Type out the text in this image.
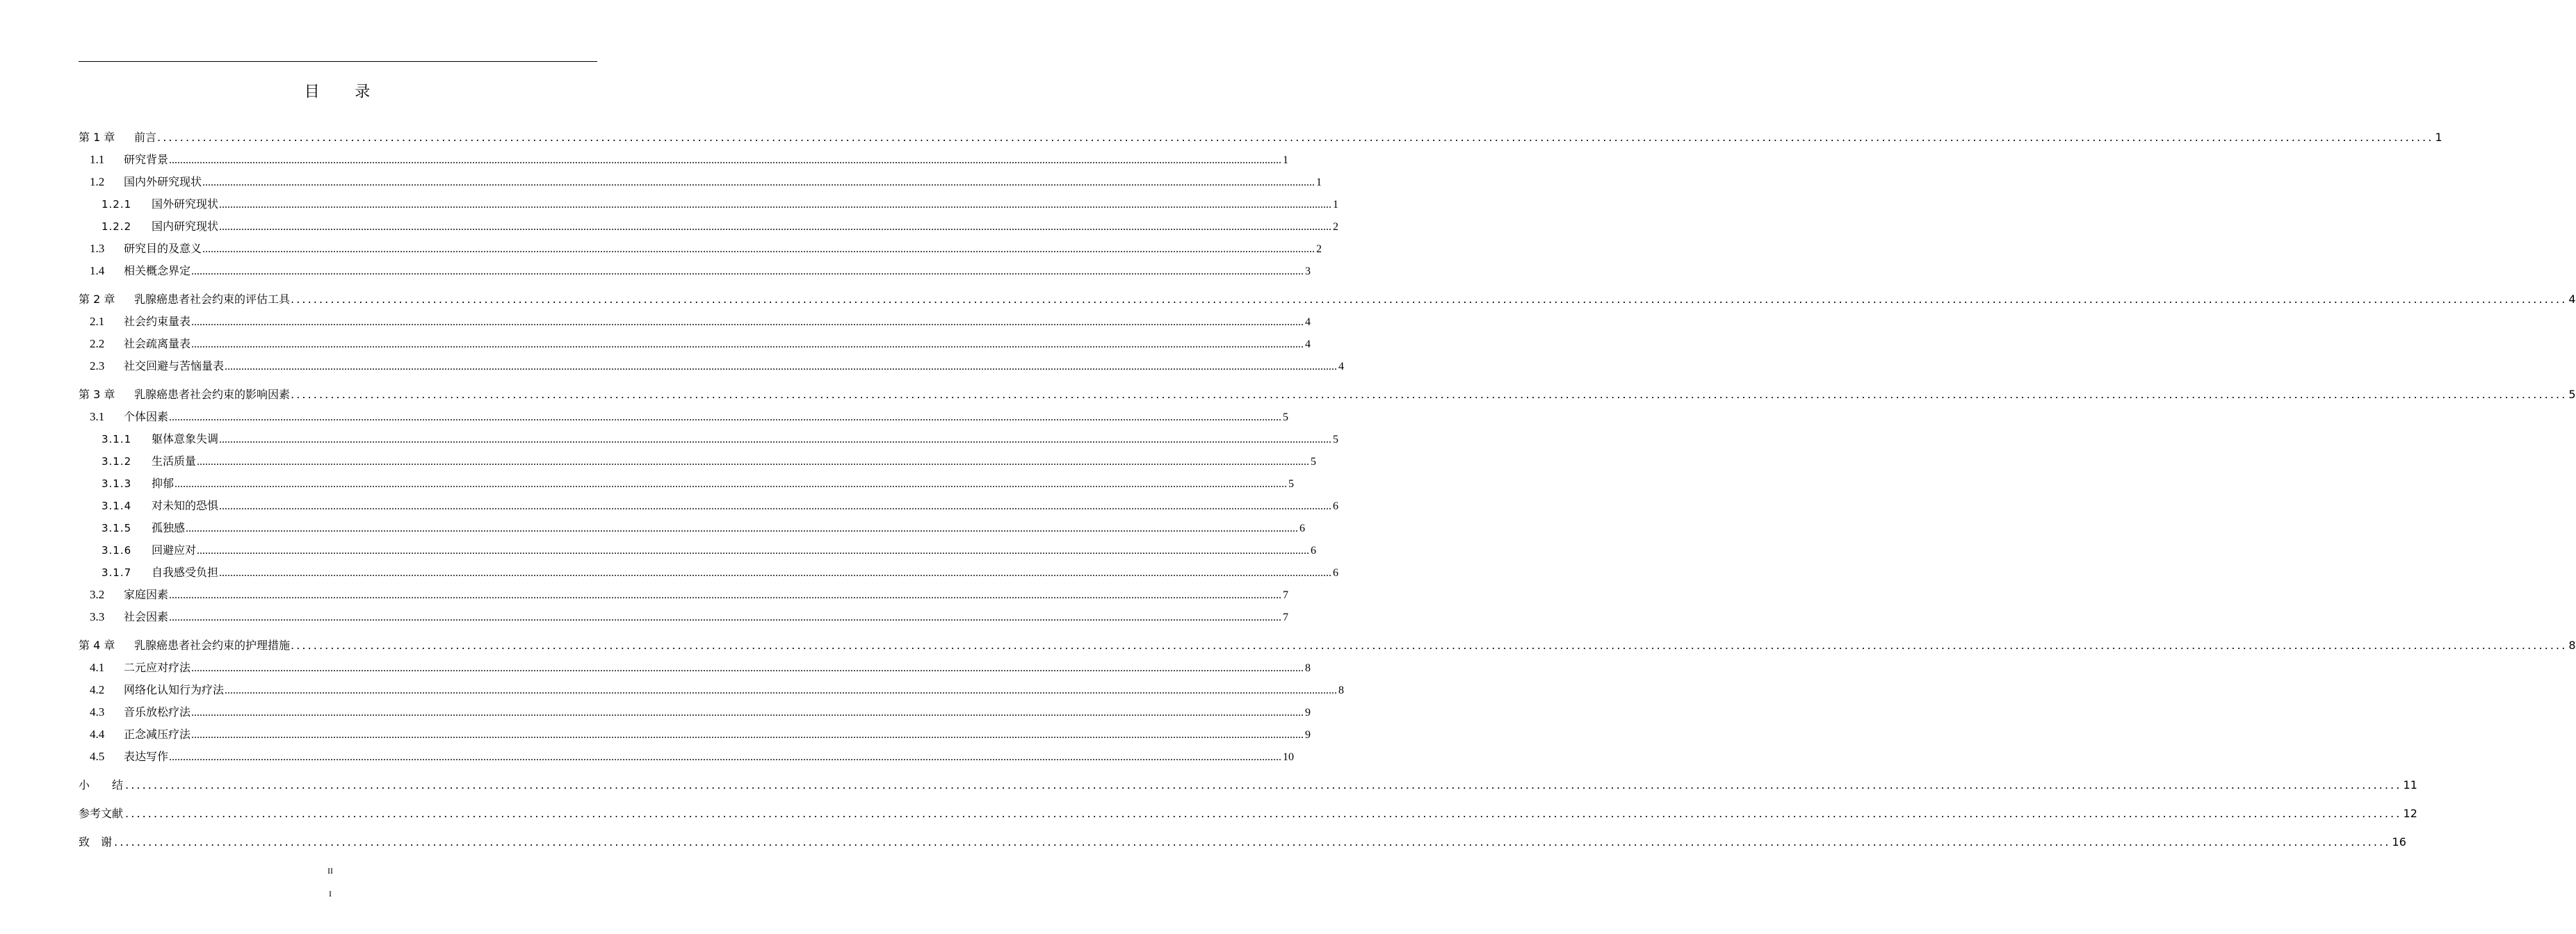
目　　录
第 1 章	前言 ................................................................................................................................................................................................................................................................................................................................................................................................................ 1
1.1	研究背景 ................................................................................................................................................................................................................................................................................................................................................................................................................ 1
1.2	国内外研究现状 ................................................................................................................................................................................................................................................................................................................................................................................................................ 1
1.2.1	国外研究现状 ................................................................................................................................................................................................................................................................................................................................................................................................................ 1
1.2.2	国内研究现状 ................................................................................................................................................................................................................................................................................................................................................................................................................ 2
1.3	研究目的及意义 ................................................................................................................................................................................................................................................................................................................................................................................................................ 2
1.4	相关概念界定 ................................................................................................................................................................................................................................................................................................................................................................................................................ 3
第 2 章	乳腺癌患者社会约束的评估工具 ................................................................................................................................................................................................................................................................................................................................................................................................................ 4
2.1	社会约束量表 ................................................................................................................................................................................................................................................................................................................................................................................................................ 4
2.2	社会疏离量表 ................................................................................................................................................................................................................................................................................................................................................................................................................ 4
2.3	社交回避与苦恼量表 ................................................................................................................................................................................................................................................................................................................................................................................................................ 4
第 3 章	乳腺癌患者社会约束的影响因素 ................................................................................................................................................................................................................................................................................................................................................................................................................ 5
3.1	个体因素 ................................................................................................................................................................................................................................................................................................................................................................................................................ 5
3.1.1	躯体意象失调 ................................................................................................................................................................................................................................................................................................................................................................................................................ 5
3.1.2	生活质量 ................................................................................................................................................................................................................................................................................................................................................................................................................ 5
3.1.3	抑郁 ................................................................................................................................................................................................................................................................................................................................................................................................................ 5
3.1.4	对未知的恐惧 ................................................................................................................................................................................................................................................................................................................................................................................................................ 6
3.1.5	孤独感 ................................................................................................................................................................................................................................................................................................................................................................................................................ 6
3.1.6	回避应对 ................................................................................................................................................................................................................................................................................................................................................................................................................ 6
3.1.7	自我感受负担 ................................................................................................................................................................................................................................................................................................................................................................................................................ 6
3.2	家庭因素 ................................................................................................................................................................................................................................................................................................................................................................................................................ 7
3.3	社会因素 ................................................................................................................................................................................................................................................................................................................................................................................................................ 7
第 4 章	乳腺癌患者社会约束的护理措施 ................................................................................................................................................................................................................................................................................................................................................................................................................ 8
4.1	二元应对疗法 ................................................................................................................................................................................................................................................................................................................................................................................................................ 8
4.2	网络化认知行为疗法 ................................................................................................................................................................................................................................................................................................................................................................................................................ 8
4.3	音乐放松疗法 ................................................................................................................................................................................................................................................................................................................................................................................................................ 9
4.4	正念减压疗法 ................................................................................................................................................................................................................................................................................................................................................................................................................ 9
4.5	表达写作 ................................................................................................................................................................................................................................................................................................................................................................................................................ 10
小　　结 ................................................................................................................................................................................................................................................................................................................................................................................................................ 11
参考文献 ................................................................................................................................................................................................................................................................................................................................................................................................................ 12
致　谢 ................................................................................................................................................................................................................................................................................................................................................................................................................ 16
II
I
